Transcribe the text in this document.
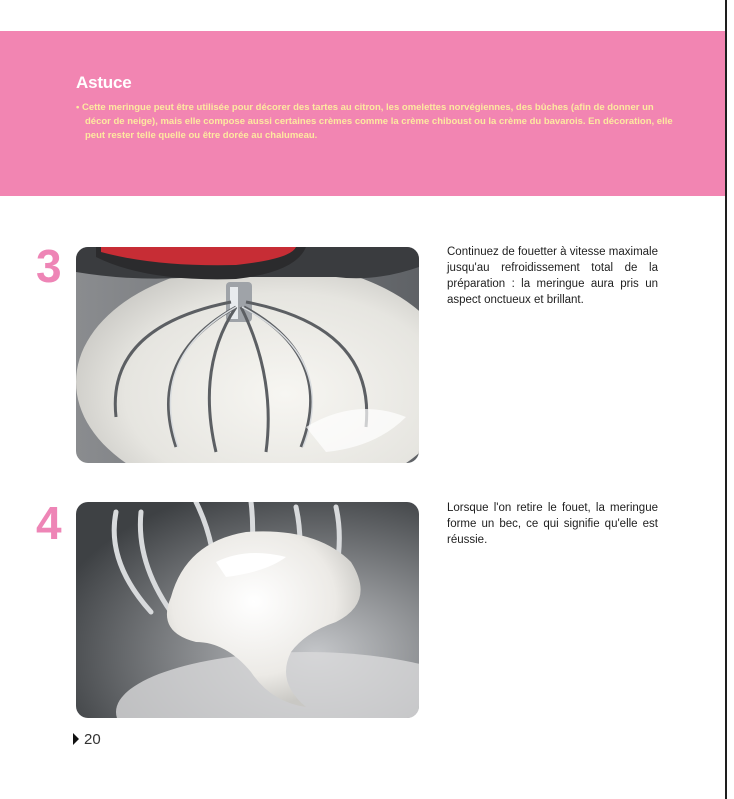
Astuce
• Cette meringue peut être utilisée pour décorer des tartes au citron, les omelettes norvégiennes, des bûches (afin de donner un décor de neige), mais elle compose aussi certaines crèmes comme la crème chiboust ou la crème du bavarois. En décoration, elle peut rester telle quelle ou être dorée au chalumeau.
3	Continuez de fouetter à vitesse maximale jusqu'au refroidissement total de la préparation : la meringue aura pris un aspect onctueux et brillant.
4	Lorsque l'on retire le fouet, la meringue forme un bec, ce qui signifie qu'elle est réussie.
20
